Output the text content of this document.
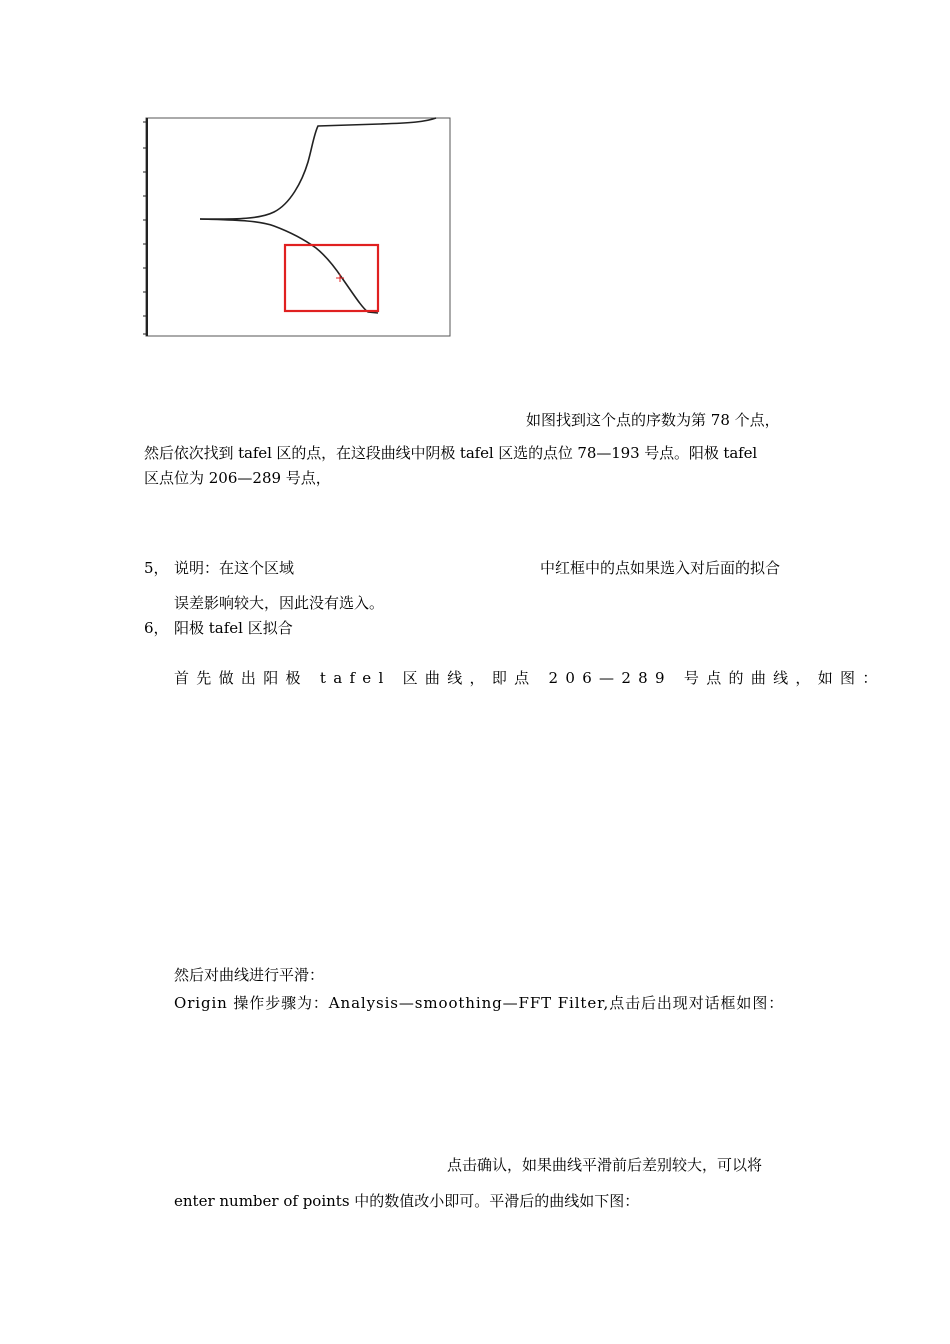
如图找到这个点的序数为第 78 个点，
然后依次找到 tafel 区的点，在这段曲线中阴极 tafel 区选的点位 78—193 号点。阳极 tafel
区点位为 206—289 号点，
5， 说明：在这个区域	中红框中的点如果选入对后面的拟合
误差影响较大，因此没有选入。
6， 阳极 tafel 区拟合
首先做出阳极 tafel 区曲线，即点 206—289 号点的曲线，如图：
然后对曲线进行平滑：
Origin 操作步骤为：Analysis—smoothing—FFT Filter,点击后出现对话框如图：
点击确认，如果曲线平滑前后差别较大，可以将
enter number of points 中的数值改小即可。平滑后的曲线如下图：
